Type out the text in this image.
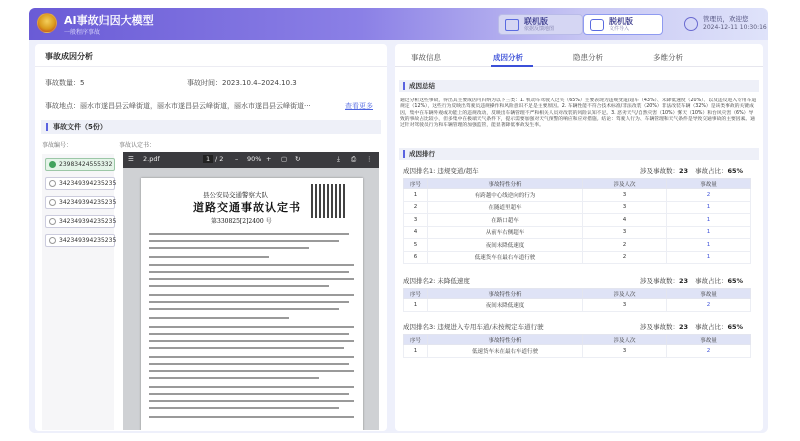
AI事故归因大模型
一般程序事故
联机版
依据反馈地图
脱机版
文件导入
管理员，欢迎您
2024-12-11 10:30:16
事故成因分析
事故数量：5	事故时间：2023.10.4–2024.10.3
事故地点：丽水市遂昌县云峰街道，丽水市遂昌县云峰街道，丽水市遂昌县云峰街道···	查看更多
事故文件（5份）
事故编号：	事故认定书：
23983424555332
342349394235235
342349394235235
342349394235235
342349394235235
☰ 2.pdf	1 / 2 – 90% + ▢ ↻	⤓ ⎙ ⋮
县公安局交通警察大队
道路交通事故认定书
第330825[2]2400 号
事故信息	成因分析	隐患分析	多维分析
成因总结
通过分析这些事故，得出其主要成因可归纳为以下三类：1. 机动车驾驶人过失（65%）主要表现为违规变道/超车（43%）、未降低速度（20%）、以及违反进入专用车道规定（12%），这些行为反映出驾驶员违规操作和风险意识不足是主要原因。2. 车辆性能不符合技术标准/非法改装（20%）非法改装车辆（32%）是该类事故的关键成因，集中在车辆外观或功能上的违规改动，反映出车辆管理不严和相关人员对改装的风险认知不足。3. 恶劣天气/自然灾害（10%）雾天（10%）和台风灾害（6%）导致的事故占比较小，但多集中在极端天气条件下，提示需要加强对天气预警的响应和应对措施。结论：驾驶人行为、车辆管理和天气条件是导致交通事故的主要因素。通过针对驾驶员行为和车辆管理的加强监管，能显著降低事故发生率。
成因排行
成因排名1: 违规变道/超车	涉及事故数：23 事故占比：65%
序号	事故特性分析	涉及人次	事故量
1	有跨越中心线逆向的行为	3	2
2	在隧道里超车	3	1
3	在路口超车	4	1
4	从前车右侧超车	3	1
5	夜间未降低速度	2	1
6	低速货车在最右车道行驶	2	1
成因排名2: 未降低速度	涉及事故数：23 事故占比：65%
序号	事故特性分析	涉及人次	事故量
1	夜间未降低速度	3	2
成因排名3: 违规进入专用车道/未按规定车道行驶	涉及事故数：23 事故占比：65%
序号	事故特性分析	涉及人次	事故量
1	低速货车未在最右车道行驶	3	2
